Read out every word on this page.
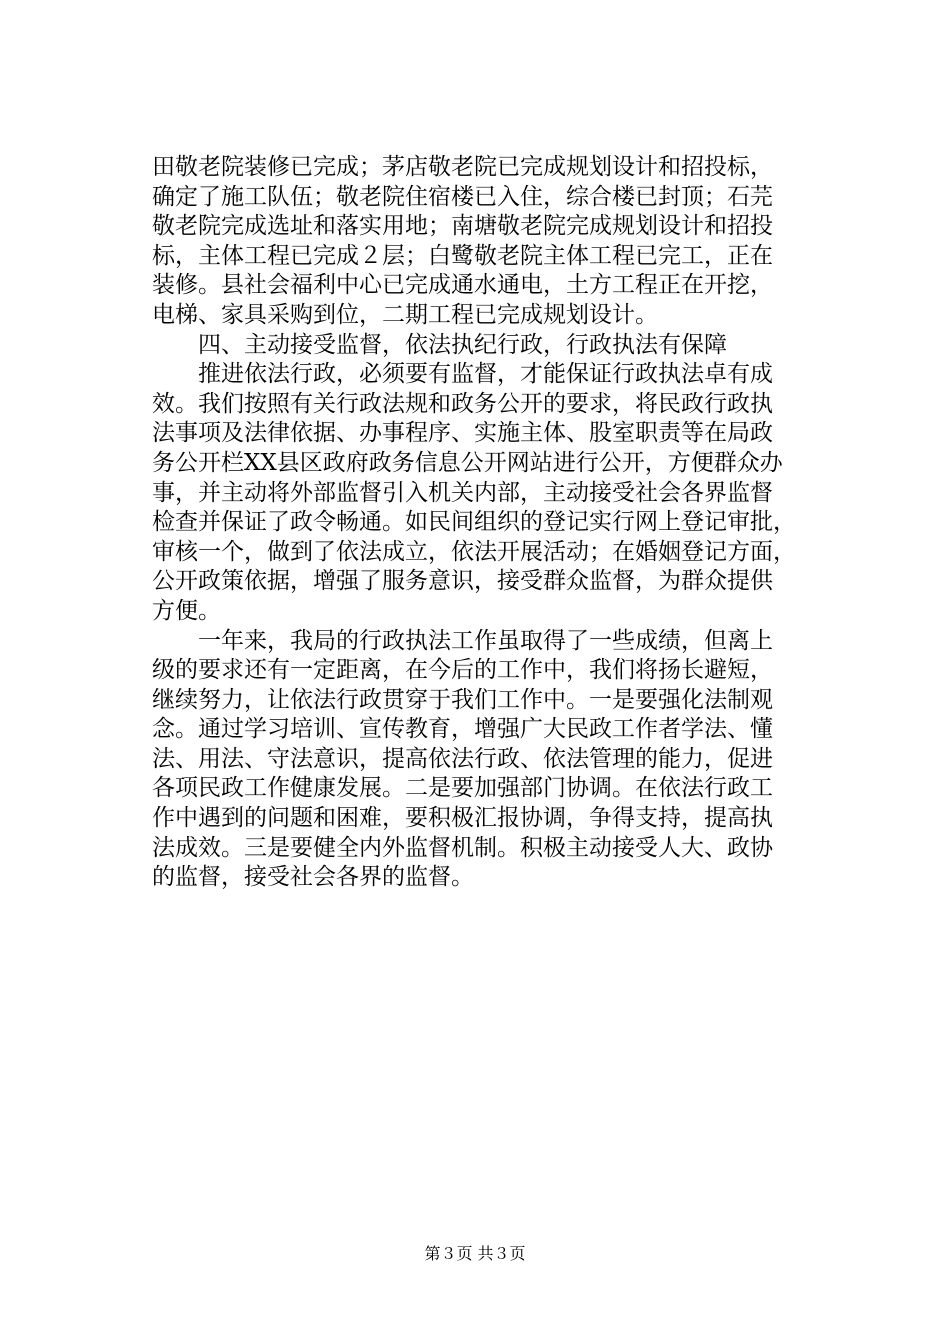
田敬老院装修已完成；茅店敬老院已完成规划设计和招投标，
确定了施工队伍；敬老院住宿楼已入住，综合楼已封顶；石芫
敬老院完成选址和落实用地；南塘敬老院完成规划设计和招投
标，主体工程已完成２层；白鹭敬老院主体工程已完工，正在
装修。县社会福利中心已完成通水通电，土方工程正在开挖，
电梯、家具采购到位，二期工程已完成规划设计。
　　四、主动接受监督，依法执纪行政，行政执法有保障
　　推进依法行政，必须要有监督，才能保证行政执法卓有成
效。我们按照有关行政法规和政务公开的要求，将民政行政执
法事项及法律依据、办事程序、实施主体、股室职责等在局政
务公开栏XX县区政府政务信息公开网站进行公开，方便群众办
事，并主动将外部监督引入机关内部，主动接受社会各界监督
检查并保证了政令畅通。如民间组织的登记实行网上登记审批，
审核一个，做到了依法成立，依法开展活动；在婚姻登记方面，
公开政策依据，增强了服务意识，接受群众监督，为群众提供
方便。
　　一年来，我局的行政执法工作虽取得了一些成绩，但离上
级的要求还有一定距离，在今后的工作中，我们将扬长避短，
继续努力，让依法行政贯穿于我们工作中。一是要强化法制观
念。通过学习培训、宣传教育，增强广大民政工作者学法、懂
法、用法、守法意识，提高依法行政、依法管理的能力，促进
各项民政工作健康发展。二是要加强部门协调。在依法行政工
作中遇到的问题和困难，要积极汇报协调，争得支持，提高执
法成效。三是要健全内外监督机制。积极主动接受人大、政协
的监督，接受社会各界的监督。
第３页 共３页
